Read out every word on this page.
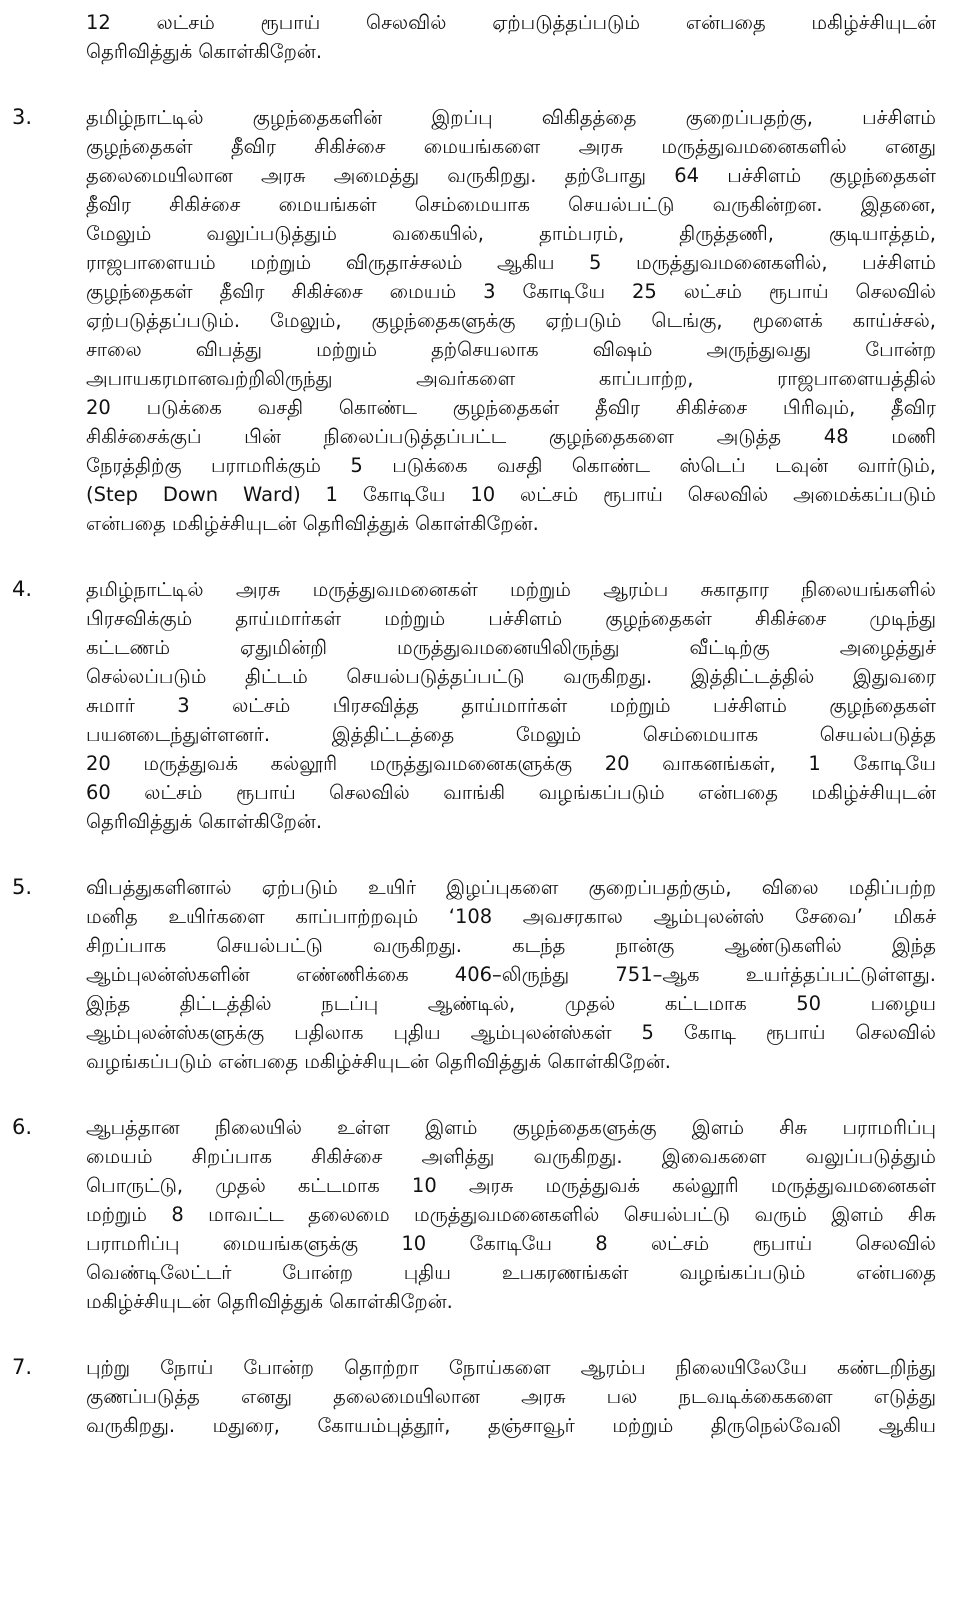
12 லட்சம் ரூபாய் செலவில் ஏற்படுத்தப்படும் என்பதை மகிழ்ச்சியுடன்
தெரிவித்துக் கொள்கிறேன்.
3.	தமிழ்நாட்டில் குழந்தைகளின் இறப்பு விகிதத்தை குறைப்பதற்கு, பச்சிளம்
குழந்தைகள் தீவிர சிகிச்சை மையங்களை அரசு மருத்துவமனைகளில் எனது
தலைமையிலான அரசு அமைத்து வருகிறது. தற்போது 64 பச்சிளம் குழந்தைகள்
தீவிர சிகிச்சை மையங்கள் செம்மையாக செயல்பட்டு வருகின்றன. இதனை,
மேலும் வலுப்படுத்தும் வகையில், தாம்பரம், திருத்தணி, குடியாத்தம்,
ராஜபாளையம் மற்றும் விருதாச்சலம் ஆகிய 5 மருத்துவமனைகளில், பச்சிளம்
குழந்தைகள் தீவிர சிகிச்சை மையம் 3 கோடியே 25 லட்சம் ரூபாய் செலவில்
ஏற்படுத்தப்படும். மேலும், குழந்தைகளுக்கு ஏற்படும் டெங்கு, மூளைக் காய்ச்சல்,
சாலை விபத்து மற்றும் தற்செயலாக விஷம் அருந்துவது போன்ற
அபாயகரமானவற்றிலிருந்து அவர்களை காப்பாற்ற, ராஜபாளையத்தில்
20 படுக்கை வசதி கொண்ட குழந்தைகள் தீவிர சிகிச்சை பிரிவும், தீவிர
சிகிச்சைக்குப் பின் நிலைப்படுத்தப்பட்ட குழந்தைகளை அடுத்த 48 மணி
நேரத்திற்கு பராமரிக்கும் 5 படுக்கை வசதி கொண்ட ஸ்டெப் டவுன் வார்டும்,
(Step Down Ward) 1 கோடியே 10 லட்சம் ரூபாய் செலவில் அமைக்கப்படும்
என்பதை மகிழ்ச்சியுடன் தெரிவித்துக் கொள்கிறேன்.
4.	தமிழ்நாட்டில் அரசு மருத்துவமனைகள் மற்றும் ஆரம்ப சுகாதார நிலையங்களில்
பிரசவிக்கும் தாய்மார்கள் மற்றும் பச்சிளம் குழந்தைகள் சிகிச்சை முடிந்து
கட்டணம் ஏதுமின்றி மருத்துவமனையிலிருந்து வீட்டிற்கு அழைத்துச்
செல்லப்படும் திட்டம் செயல்படுத்தப்பட்டு வருகிறது. இத்திட்டத்தில் இதுவரை
சுமார் 3 லட்சம் பிரசவித்த தாய்மார்கள் மற்றும் பச்சிளம் குழந்தைகள்
பயனடைந்துள்ளனர். இத்திட்டத்தை மேலும் செம்மையாக செயல்படுத்த
20 மருத்துவக் கல்லூரி மருத்துவமனைகளுக்கு 20 வாகனங்கள், 1 கோடியே
60 லட்சம் ரூபாய் செலவில் வாங்கி வழங்கப்படும் என்பதை மகிழ்ச்சியுடன்
தெரிவித்துக் கொள்கிறேன்.
5.	விபத்துகளினால் ஏற்படும் உயிர் இழப்புகளை குறைப்பதற்கும், விலை மதிப்பற்ற
மனித உயிர்களை காப்பாற்றவும் ‘108 அவசரகால ஆம்புலன்ஸ் சேவை’ மிகச்
சிறப்பாக செயல்பட்டு வருகிறது. கடந்த நான்கு ஆண்டுகளில் இந்த
ஆம்புலன்ஸ்களின் எண்ணிக்கை 406–லிருந்து 751–ஆக உயர்த்தப்பட்டுள்ளது.
இந்த திட்டத்தில் நடப்பு ஆண்டில், முதல் கட்டமாக 50 பழைய
ஆம்புலன்ஸ்களுக்கு பதிலாக புதிய ஆம்புலன்ஸ்கள் 5 கோடி ரூபாய் செலவில்
வழங்கப்படும் என்பதை மகிழ்ச்சியுடன் தெரிவித்துக் கொள்கிறேன்.
6.	ஆபத்தான நிலையில் உள்ள இளம் குழந்தைகளுக்கு இளம் சிசு பராமரிப்பு
மையம் சிறப்பாக சிகிச்சை அளித்து வருகிறது. இவைகளை வலுப்படுத்தும்
பொருட்டு, முதல் கட்டமாக 10 அரசு மருத்துவக் கல்லூரி மருத்துவமனைகள்
மற்றும் 8 மாவட்ட தலைமை மருத்துவமனைகளில் செயல்பட்டு வரும் இளம் சிசு
பராமரிப்பு மையங்களுக்கு 10 கோடியே 8 லட்சம் ரூபாய் செலவில்
வெண்டிலேட்டர் போன்ற புதிய உபகரணங்கள் வழங்கப்படும் என்பதை
மகிழ்ச்சியுடன் தெரிவித்துக் கொள்கிறேன்.
7.	புற்று நோய் போன்ற தொற்றா நோய்களை ஆரம்ப நிலையிலேயே கண்டறிந்து
குணப்படுத்த எனது தலைமையிலான அரசு பல நடவடிக்கைகளை எடுத்து
வருகிறது. மதுரை, கோயம்புத்தூர், தஞ்சாவூர் மற்றும் திருநெல்வேலி ஆகிய
